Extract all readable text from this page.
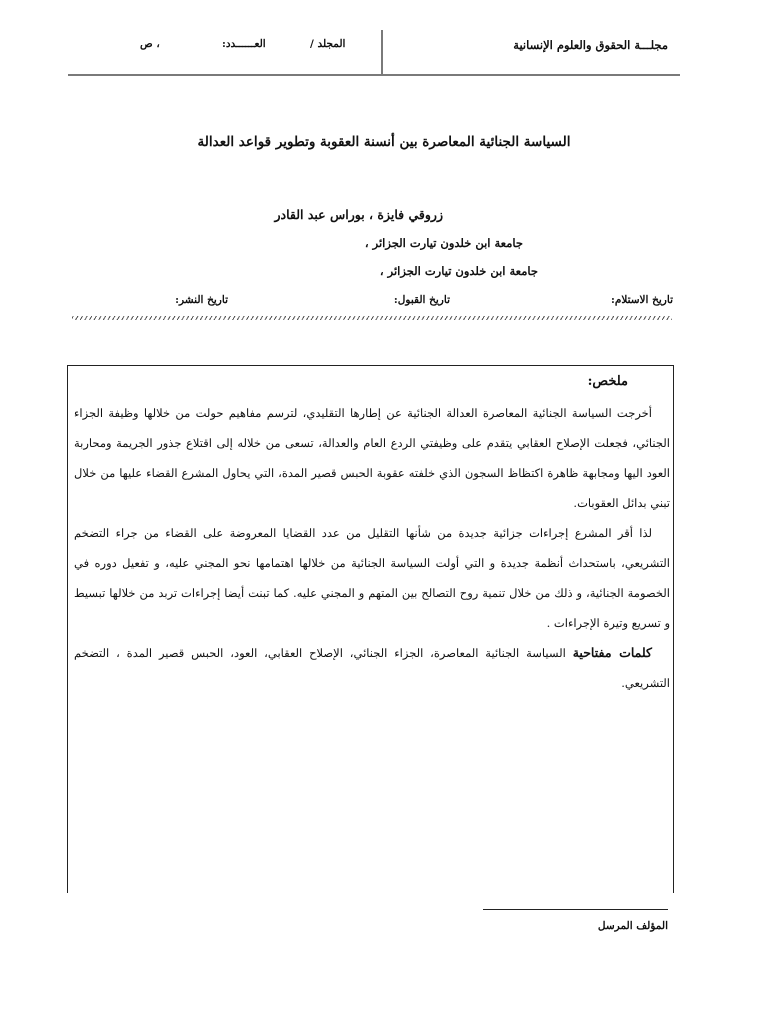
، ص	العــــــدد:	المجلد /	مجلـــة الحقوق والعلوم الإنسانية
السياسة الجنائية المعاصرة بين أنسنة العقوبة وتطوير قواعد العدالة
زروقي فايزة ، بوراس عبد القادر
جامعة ابن خلدون تيارت الجزائر ،
جامعة ابن خلدون تيارت الجزائر ،
تاريخ الاستلام:
تاريخ القبول:
تاريخ النشر:

ملخص:

أخرجت السياسة الجنائية المعاصرة العدالة الجنائية عن إطارها التقليدي، لترسم مفاهيم حولت من خلالها وظيفة الجزاء الجنائي، فجعلت الإصلاح العقابي يتقدم على وظيفتي الردع العام والعدالة، تسعى من خلاله إلى اقتلاع جذور الجريمة ومحاربة العود اليها ومجابهة ظاهرة اكتظاظ السجون الذي خلفته عقوبة الحبس قصير المدة، التي يحاول المشرع القضاء عليها من خلال تبني بدائل العقوبات.

لذا أقر المشرع إجراءات جزائية جديدة من شأنها التقليل من عدد القضايا المعروضة على القضاء من جراء التضخم التشريعي، باستحداث أنظمة جديدة و التي أولت السياسة الجنائية من خلالها اهتمامها نحو المجني عليه، و تفعيل دوره في الخصومة الجنائية، و ذلك من خلال تنمية روح التصالح بين المتهم و المجني عليه. كما تبنت أيضا إجراءات تربد من خلالها تبسيط و تسريع وتيرة الإجراءات .

كلمات مفتاحية السياسة الجنائية المعاصرة، الجزاء الجنائي، الإصلاح العقابي، العود، الحبس قصير المدة ، التضخم التشريعي.

المؤلف المرسل
